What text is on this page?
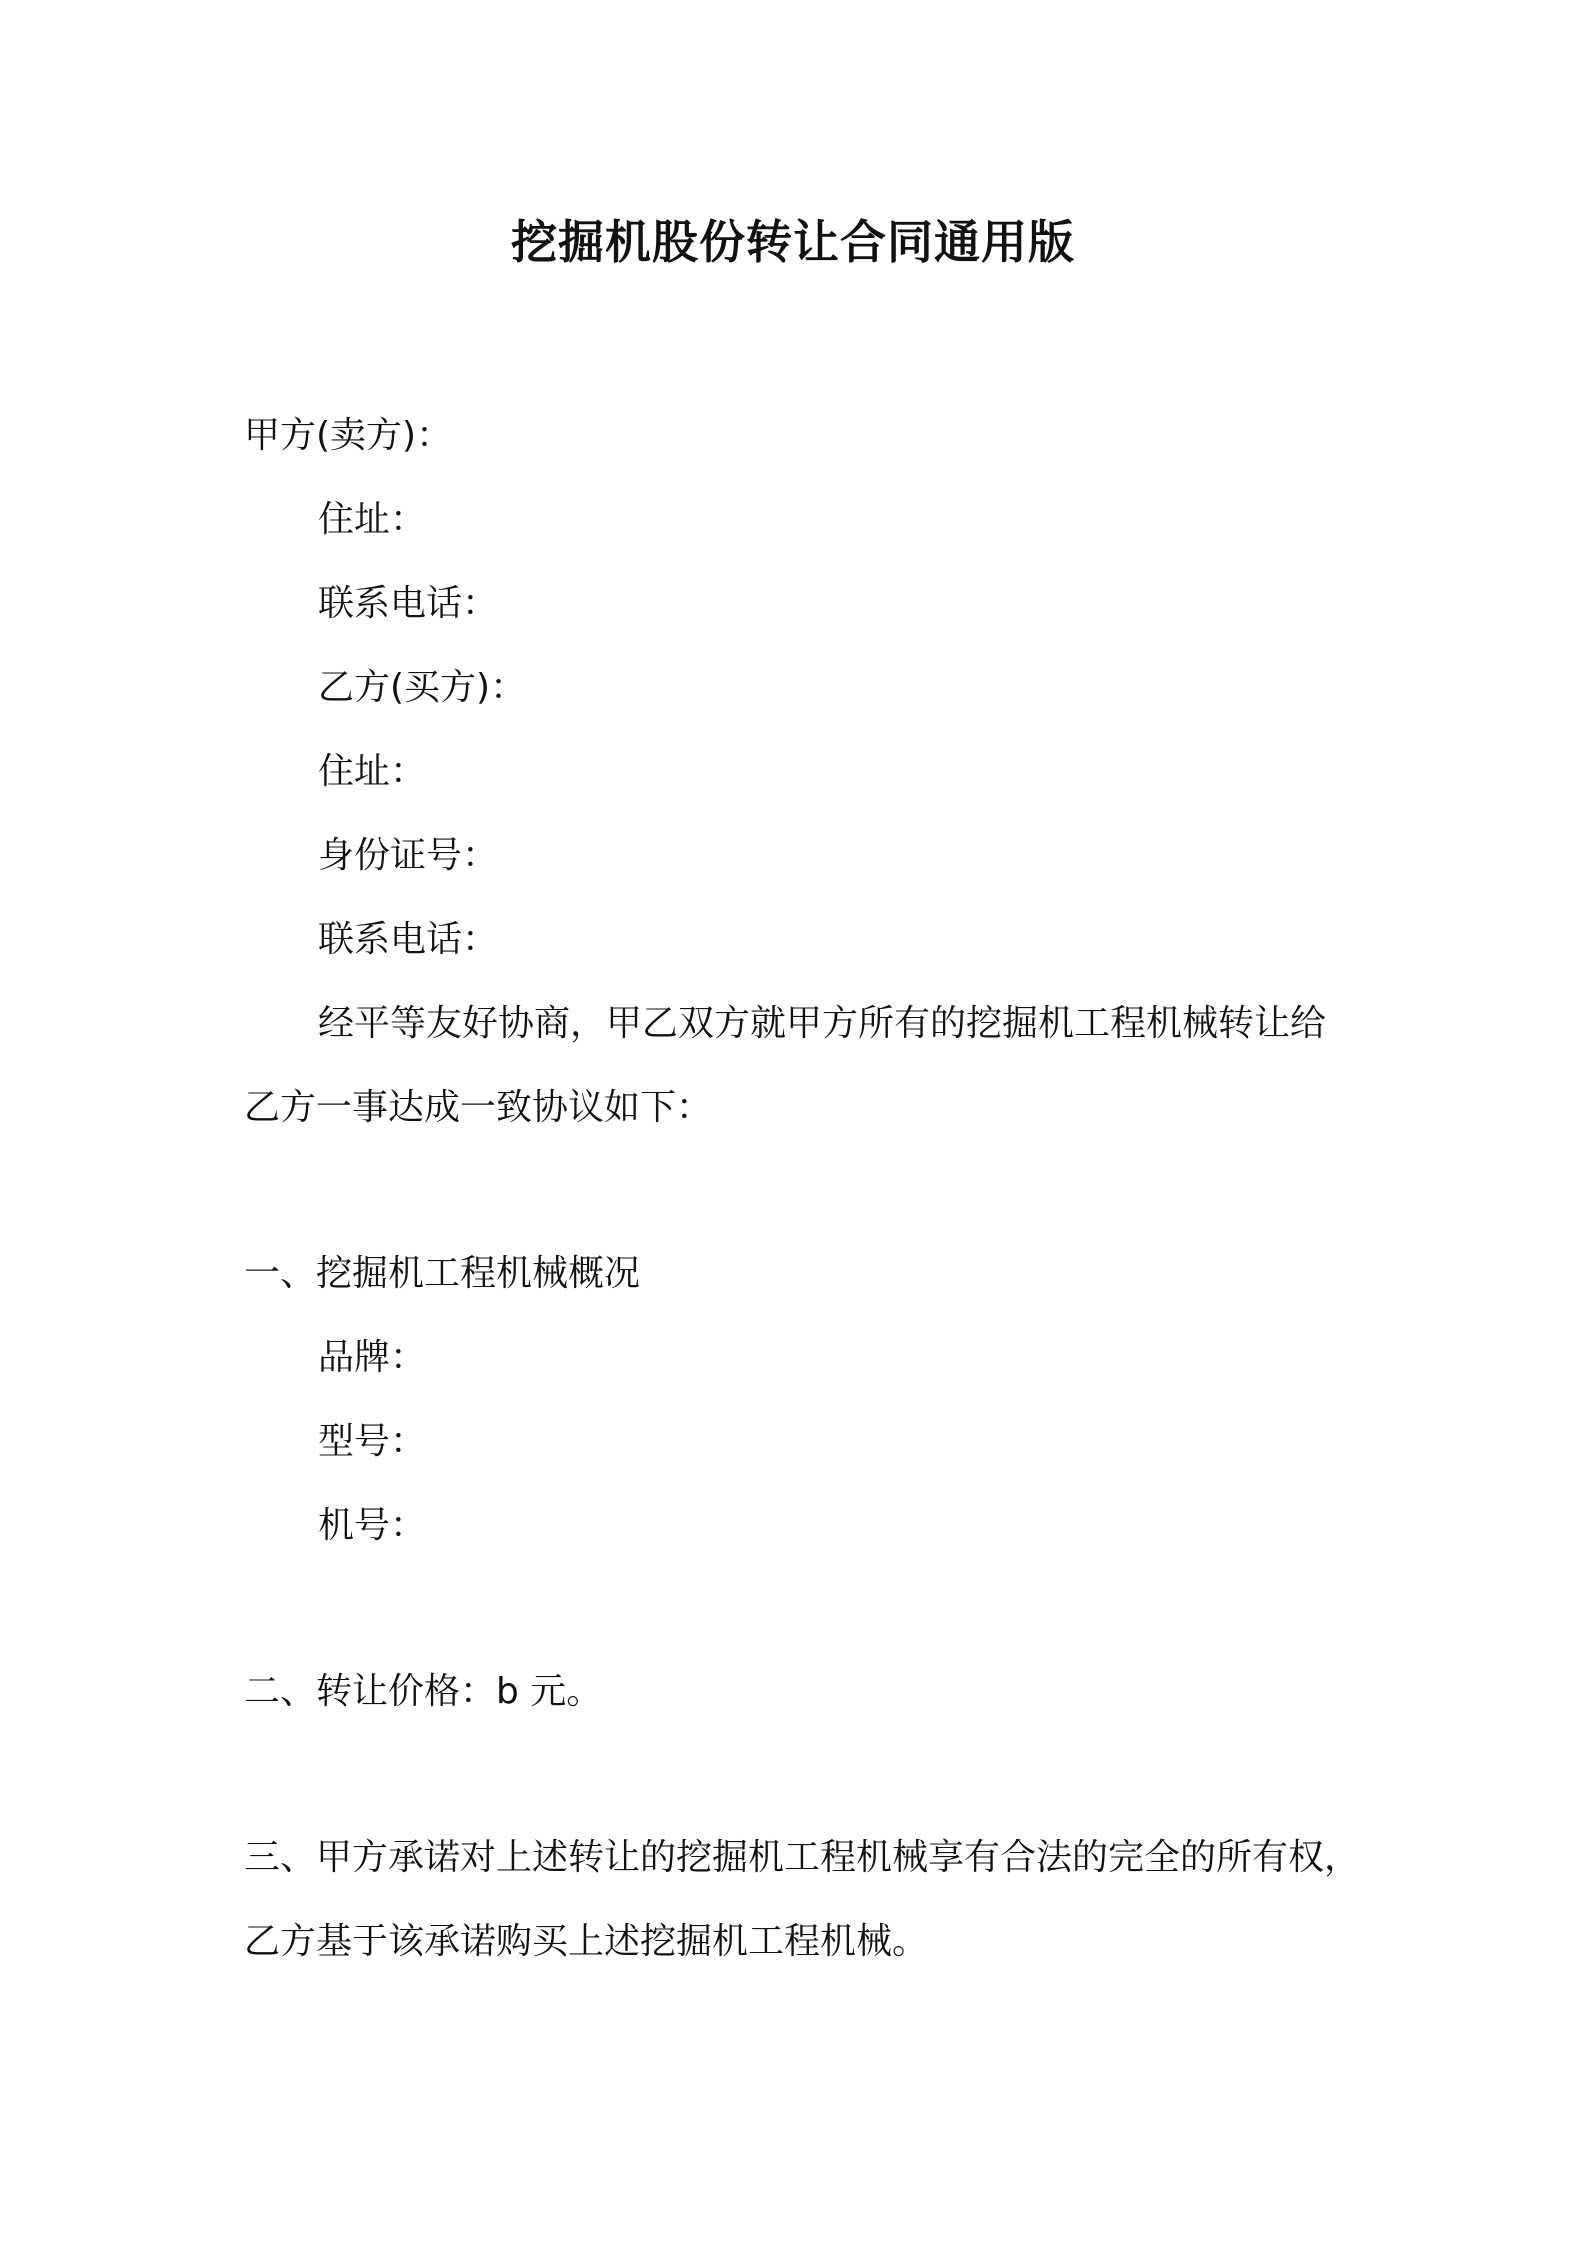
挖掘机股份转让合同通用版
甲方(卖方)：
住址：
联系电话：
乙方(买方)：
住址：
身份证号：
联系电话：
经平等友好协商，甲乙双方就甲方所有的挖掘机工程机械转让给
乙方一事达成一致协议如下：
一、挖掘机工程机械概况
品牌：
型号：
机号：
二、转让价格：b 元。
三、甲方承诺对上述转让的挖掘机工程机械享有合法的完全的所有权，
乙方基于该承诺购买上述挖掘机工程机械。
